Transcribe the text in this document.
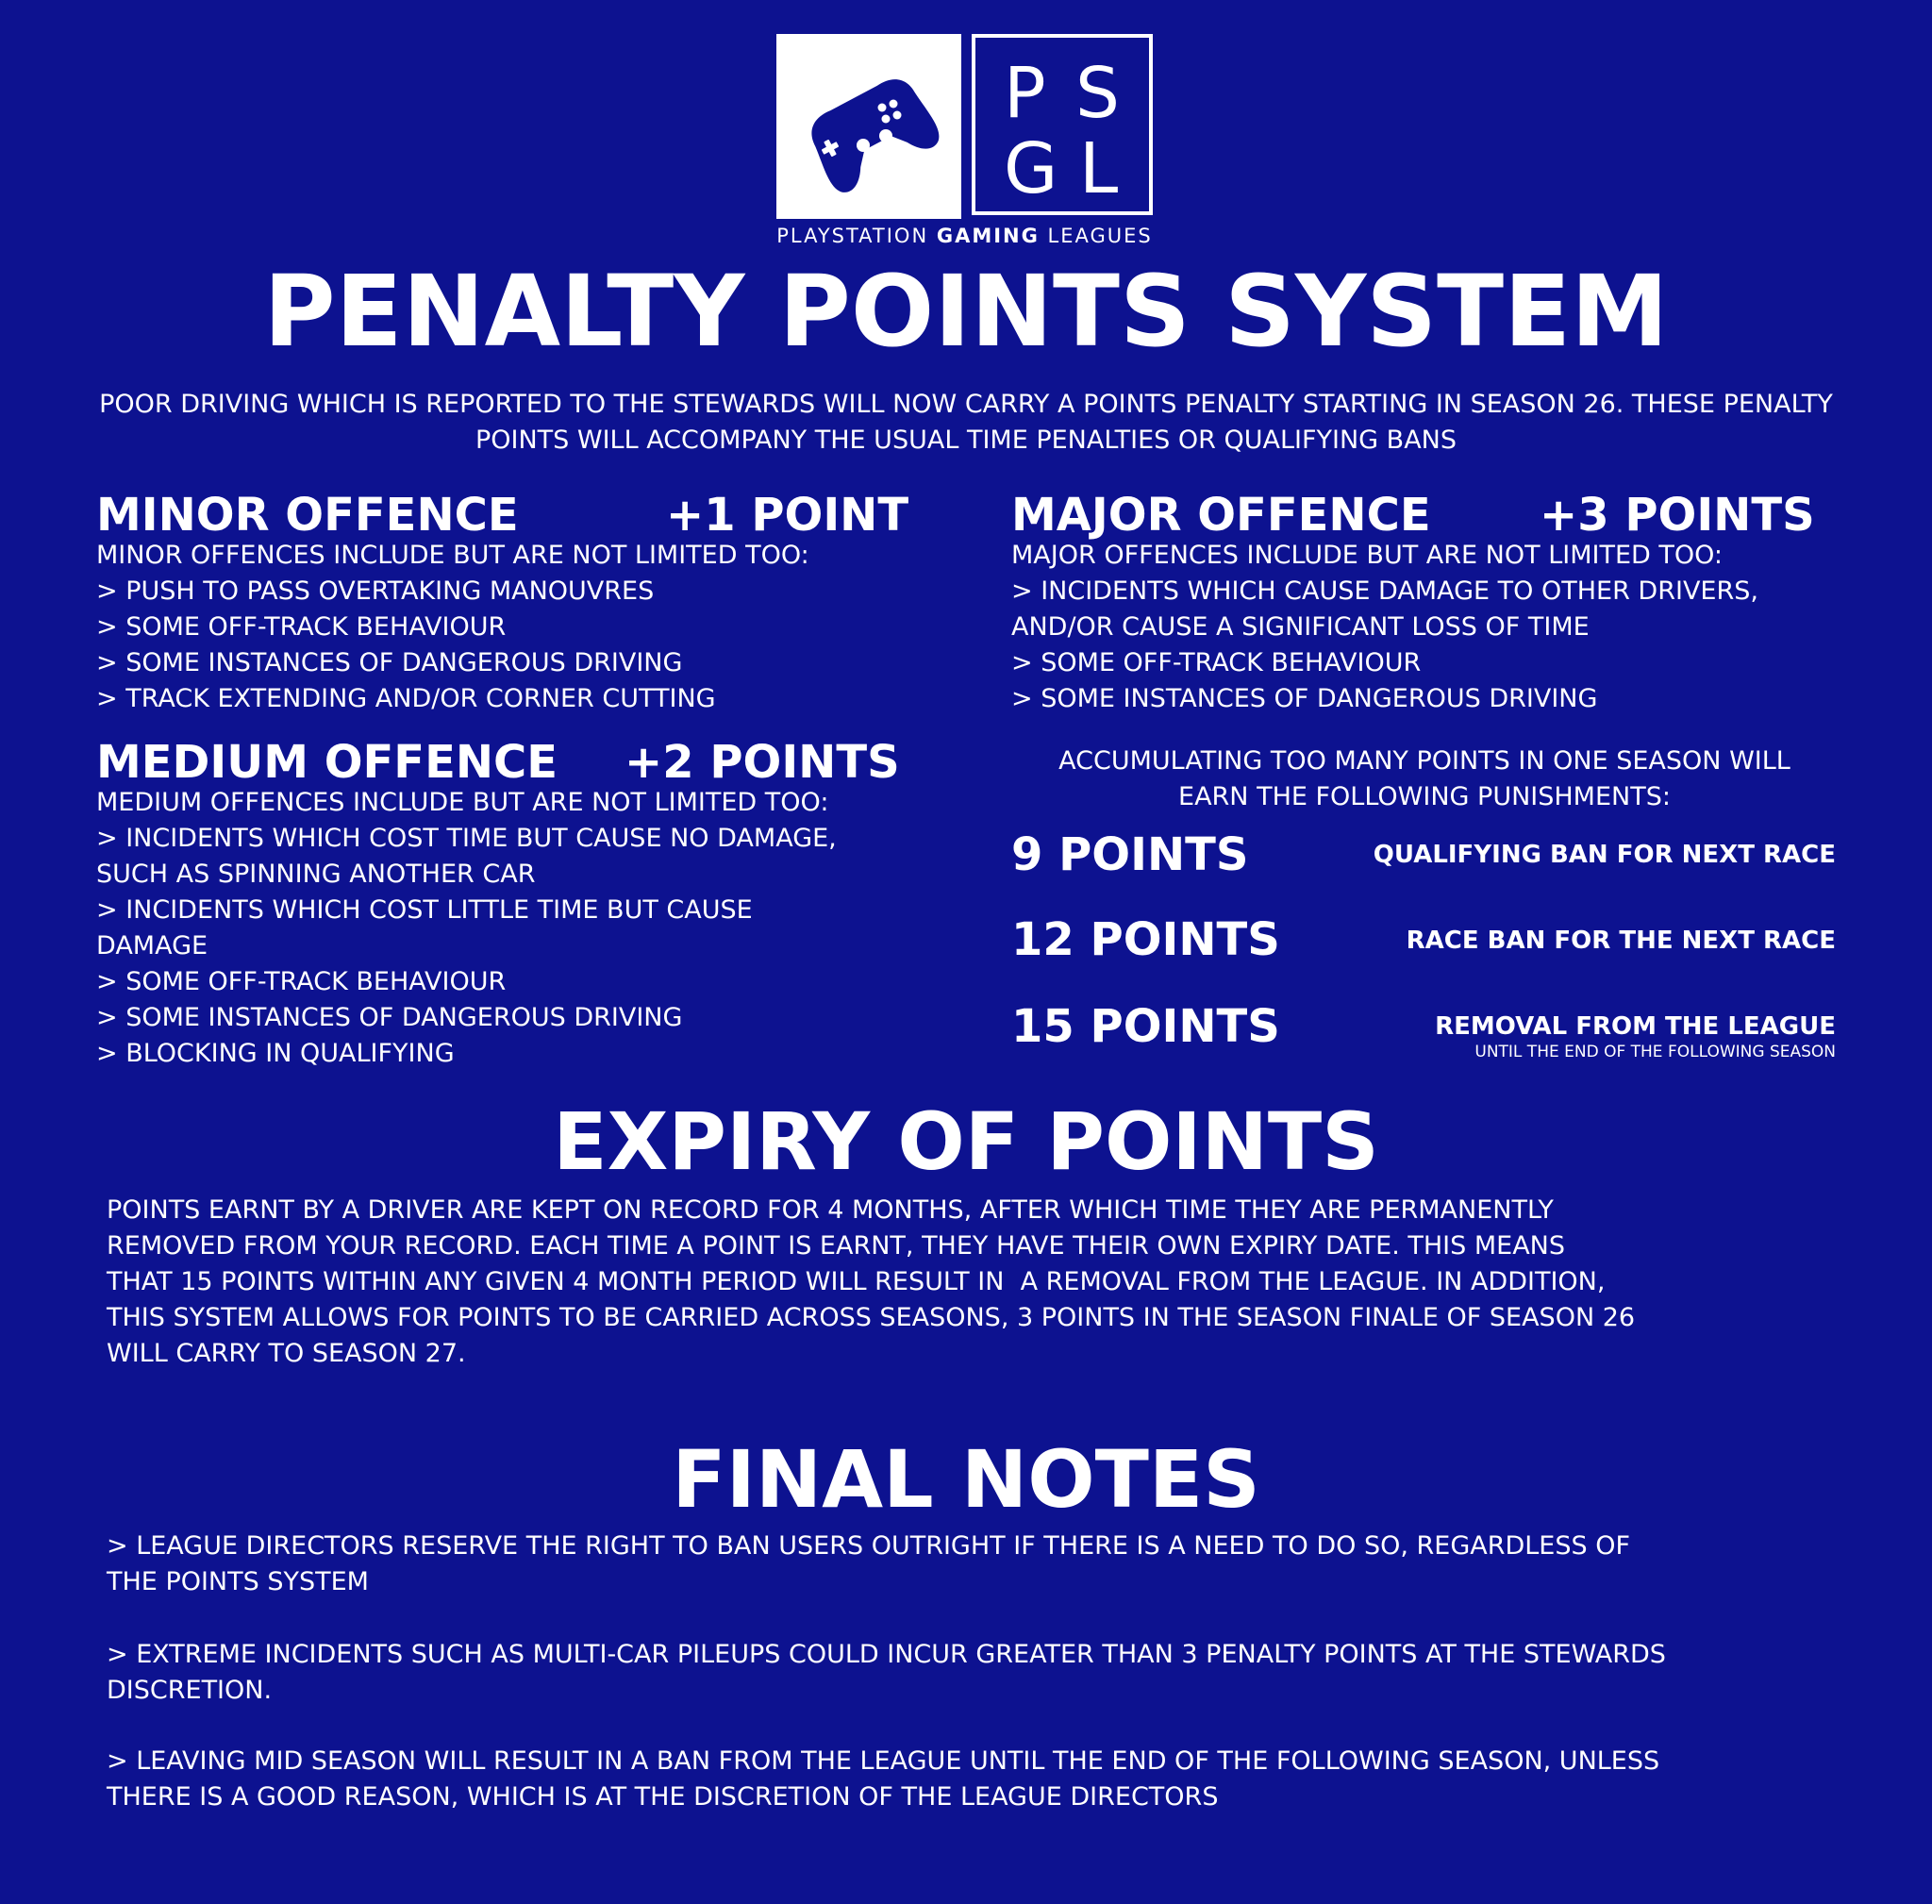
P S
G L
PLAYSTATION GAMING LEAGUES
PENALTY POINTS SYSTEM
POOR DRIVING WHICH IS REPORTED TO THE STEWARDS WILL NOW CARRY A POINTS PENALTY STARTING IN SEASON 26. THESE PENALTY POINTS WILL ACCOMPANY THE USUAL TIME PENALTIES OR QUALIFYING BANS
MINOR OFFENCE	+1 POINT
MINOR OFFENCES INCLUDE BUT ARE NOT LIMITED TOO:
> PUSH TO PASS OVERTAKING MANOUVRES
> SOME OFF-TRACK BEHAVIOUR
> SOME INSTANCES OF DANGEROUS DRIVING
> TRACK EXTENDING AND/OR CORNER CUTTING
MEDIUM OFFENCE +2 POINTS
MEDIUM OFFENCES INCLUDE BUT ARE NOT LIMITED TOO:
> INCIDENTS WHICH COST TIME BUT CAUSE NO DAMAGE,
SUCH AS SPINNING ANOTHER CAR
> INCIDENTS WHICH COST LITTLE TIME BUT CAUSE
DAMAGE
> SOME OFF-TRACK BEHAVIOUR
> SOME INSTANCES OF DANGEROUS DRIVING
> BLOCKING IN QUALIFYING
MAJOR OFFENCE +3 POINTS
MAJOR OFFENCES INCLUDE BUT ARE NOT LIMITED TOO:
> INCIDENTS WHICH CAUSE DAMAGE TO OTHER DRIVERS,
AND/OR CAUSE A SIGNIFICANT LOSS OF TIME
> SOME OFF-TRACK BEHAVIOUR
> SOME INSTANCES OF DANGEROUS DRIVING
ACCUMULATING TOO MANY POINTS IN ONE SEASON WILL
EARN THE FOLLOWING PUNISHMENTS:
9 POINTS	QUALIFYING BAN FOR NEXT RACE
12 POINTS	RACE BAN FOR THE NEXT RACE
15 POINTS	REMOVAL FROM THE LEAGUE
UNTIL THE END OF THE FOLLOWING SEASON
EXPIRY OF POINTS
POINTS EARNT BY A DRIVER ARE KEPT ON RECORD FOR 4 MONTHS, AFTER WHICH TIME THEY ARE PERMANENTLY
REMOVED FROM YOUR RECORD. EACH TIME A POINT IS EARNT, THEY HAVE THEIR OWN EXPIRY DATE. THIS MEANS
THAT 15 POINTS WITHIN ANY GIVEN 4 MONTH PERIOD WILL RESULT IN  A REMOVAL FROM THE LEAGUE. IN ADDITION,
THIS SYSTEM ALLOWS FOR POINTS TO BE CARRIED ACROSS SEASONS, 3 POINTS IN THE SEASON FINALE OF SEASON 26
WILL CARRY TO SEASON 27.
FINAL NOTES
> LEAGUE DIRECTORS RESERVE THE RIGHT TO BAN USERS OUTRIGHT IF THERE IS A NEED TO DO SO, REGARDLESS OF
THE POINTS SYSTEM
> EXTREME INCIDENTS SUCH AS MULTI-CAR PILEUPS COULD INCUR GREATER THAN 3 PENALTY POINTS AT THE STEWARDS
DISCRETION.
> LEAVING MID SEASON WILL RESULT IN A BAN FROM THE LEAGUE UNTIL THE END OF THE FOLLOWING SEASON, UNLESS
THERE IS A GOOD REASON, WHICH IS AT THE DISCRETION OF THE LEAGUE DIRECTORS
